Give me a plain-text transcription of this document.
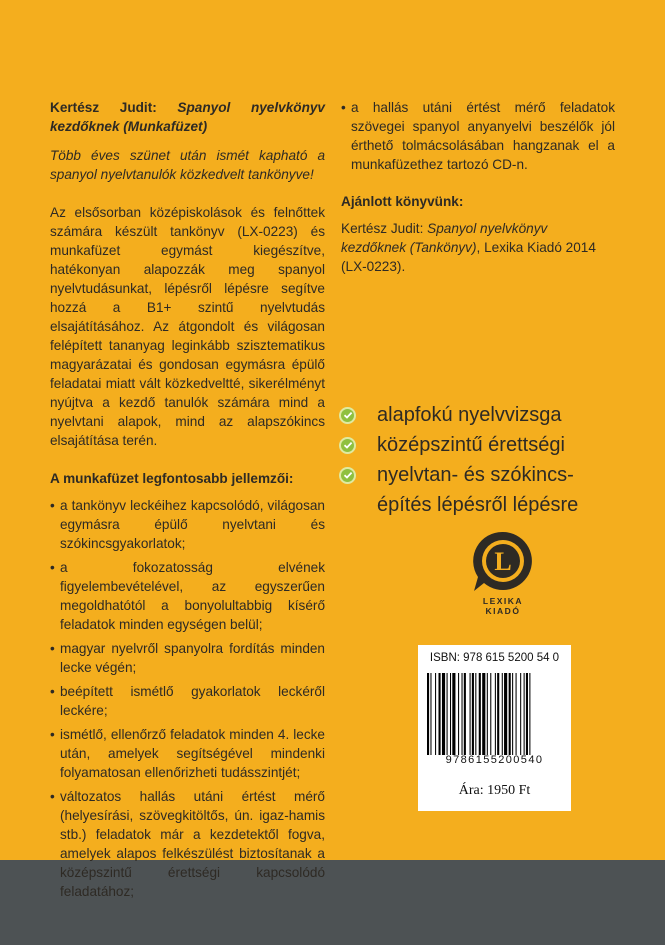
Kertész Judit: Spanyol nyelvkönyv kezdőknek (Munkafüzet)

Több éves szünet után ismét kapható a spanyol nyelvtanulók közkedvelt tankönyve!

Az elsősorban középiskolások és felnőttek számára készült tankönyv (LX-0223) és munkafüzet egymást kiegészítve, hatékonyan alapozzák meg spanyol nyelvtudásunkat, lépésről lépésre segítve hozzá a B1+ szintű nyelvtudás elsajátításához. Az átgondolt és világosan felépített tananyag leginkább szisztematikus magyarázatai és gondosan egymásra épülő feladatai miatt vált közkedveltté, sikerélményt nyújtva a kezdő tanulók számára mind a nyelvtani alapok, mind az alapszókincs elsajátítása terén.

A munkafüzet legfontosabb jellemzői:

• a tankönyv leckéihez kapcsolódó, világosan egymásra épülő nyelvtani és szókincsgyakorlatok;
• a fokozatosság elvének figyelembevételével, az egyszerűen megoldhatótól a bonyolultabbig kísérő feladatok minden egységen belül;
• magyar nyelvről spanyolra fordítás minden lecke végén;
• beépített ismétlő gyakorlatok leckéről leckére;
• ismétlő, ellenőrző feladatok minden 4. lecke után, amelyek segítségével mindenki folyamatosan ellenőrizheti tudásszintjét;
• változatos hallás utáni értést mérő (helyesírási, szövegkitöltős, ún. igaz-hamis stb.) feladatok már a kezdetektől fogva, amelyek alapos felkészülést biztosítanak a középszintű érettségi kapcsolódó feladatához;
• a hallás utáni értést mérő feladatok szövegei spanyol anyanyelvi beszélők jól érthető tolmácsolásában hangzanak el a munkafüzethez tartozó CD-n.

Ajánlott könyvünk:

Kertész Judit: Spanyol nyelvkönyv kezdőknek (Tankönyv), Lexika Kiadó 2014 (LX-0223).

alapfokú nyelvvizsga
középszintű érettségi
nyelvtan- és szókincs-
építés lépésről lépésre
L
LEXIKA
KIADÓ
ISBN: 978 615 5200 54 0
9786155200540
Ára: 1950 Ft
